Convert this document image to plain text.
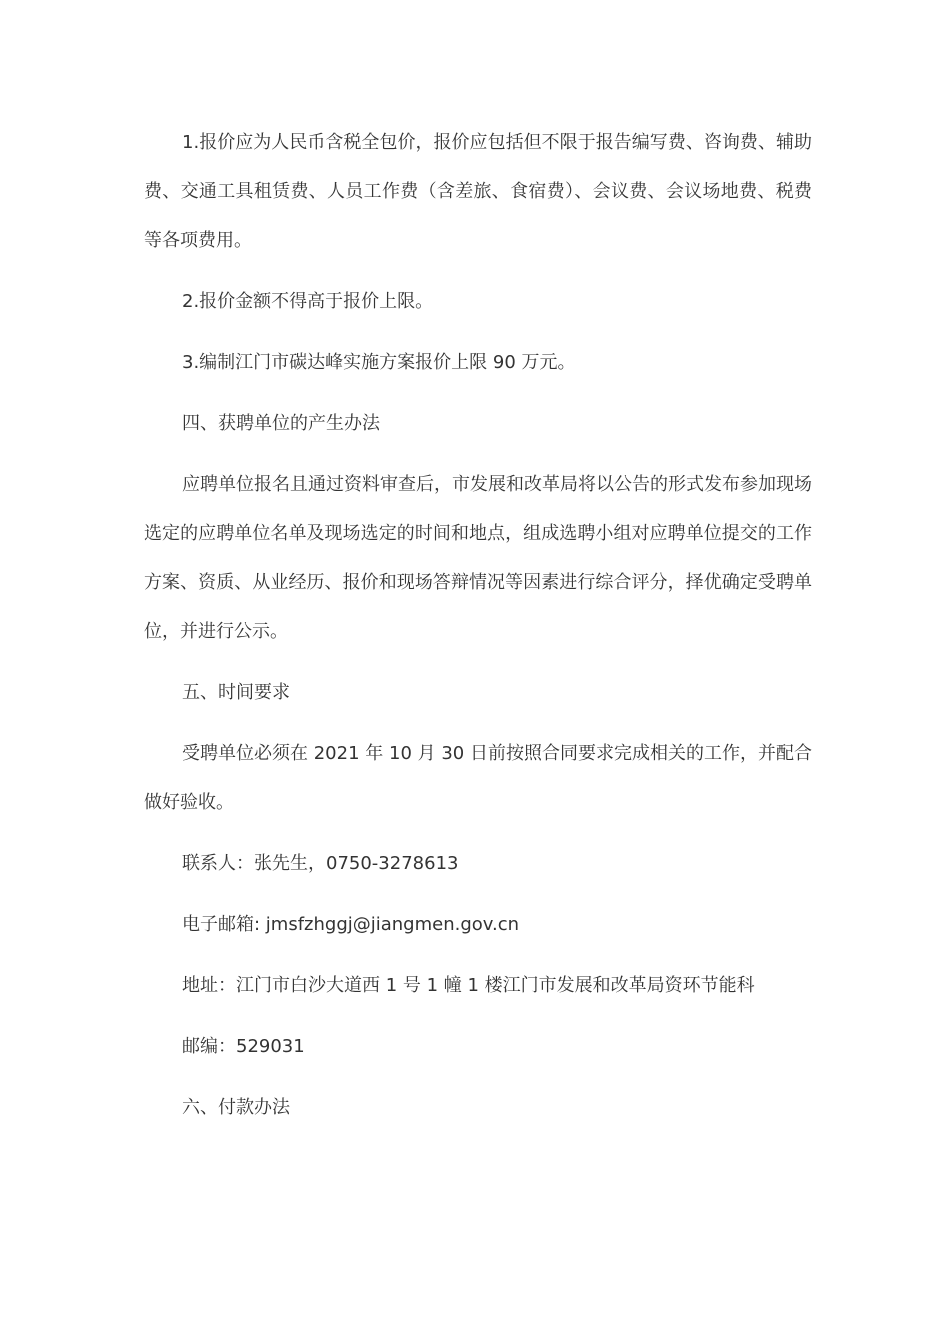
1.报价应为人民币含税全包价，报价应包括但不限于报告编写费、咨询费、辅助费、交通工具租赁费、人员工作费（含差旅、食宿费）、会议费、会议场地费、税费等各项费用。

2.报价金额不得高于报价上限。

3.编制江门市碳达峰实施方案报价上限 90 万元。

四、获聘单位的产生办法

应聘单位报名且通过资料审查后，市发展和改革局将以公告的形式发布参加现场选定的应聘单位名单及现场选定的时间和地点，组成选聘小组对应聘单位提交的工作方案、资质、从业经历、报价和现场答辩情况等因素进行综合评分，择优确定受聘单位，并进行公示。

五、时间要求

受聘单位必须在 2021 年 10 月 30 日前按照合同要求完成相关的工作，并配合做好验收。

联系人：张先生，0750-3278613

电子邮箱: jmsfzhggj@jiangmen.gov.cn

地址：江门市白沙大道西 1 号 1 幢 1 楼江门市发展和改革局资环节能科

邮编：529031

六、付款办法
